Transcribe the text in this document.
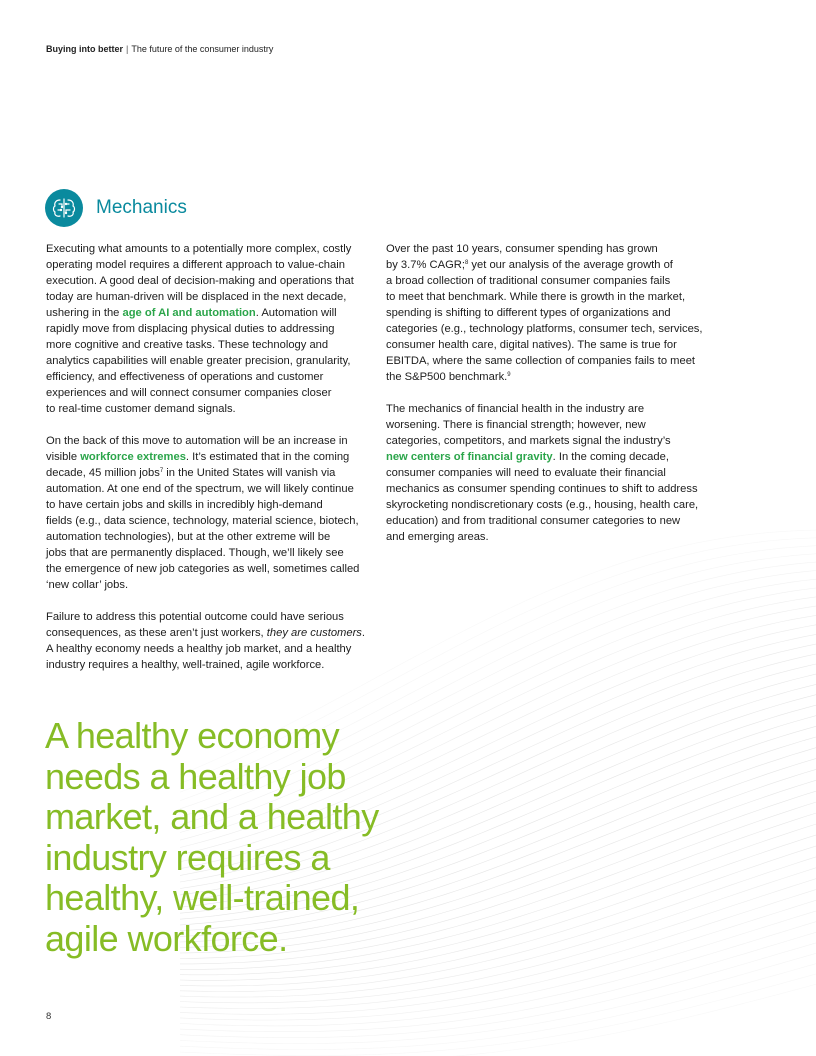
Buying into better | The future of the consumer industry
Mechanics

Executing what amounts to a potentially more complex, costly
operating model requires a different approach to value-chain
execution. A good deal of decision-making and operations that
today are human-driven will be displaced in the next decade,
ushering in the age of AI and automation. Automation will
rapidly move from displacing physical duties to addressing
more cognitive and creative tasks. These technology and
analytics capabilities will enable greater precision, granularity,
efficiency, and effectiveness of operations and customer
experiences and will connect consumer companies closer
to real-time customer demand signals.

On the back of this move to automation will be an increase in
visible workforce extremes. It’s estimated that in the coming
decade, 45 million jobs$^7$ in the United States will vanish via
automation. At one end of the spectrum, we will likely continue
to have certain jobs and skills in incredibly high-demand
fields (e.g., data science, technology, material science, biotech,
automation technologies), but at the other extreme will be
jobs that are permanently displaced. Though, we’ll likely see
the emergence of new job categories as well, sometimes called
‘new collar’ jobs.

Failure to address this potential outcome could have serious
consequences, as these aren’t just workers, they are customers.
A healthy economy needs a healthy job market, and a healthy
industry requires a healthy, well-trained, agile workforce.

Over the past 10 years, consumer spending has grown
by 3.7% CAGR;$^8$ yet our analysis of the average growth of
a broad collection of traditional consumer companies fails
to meet that benchmark. While there is growth in the market,
spending is shifting to different types of organizations and
categories (e.g., technology platforms, consumer tech, services,
consumer health care, digital natives). The same is true for
EBITDA, where the same collection of companies fails to meet
the S&P500 benchmark.$^9$

The mechanics of financial health in the industry are
worsening. There is financial strength; however, new
categories, competitors, and markets signal the industry’s
new centers of financial gravity. In the coming decade,
consumer companies will need to evaluate their financial
mechanics as consumer spending continues to shift to address
skyrocketing nondiscretionary costs (e.g., housing, health care,
education) and from traditional consumer categories to new
and emerging areas.

A healthy economy
needs a healthy job
market, and a healthy
industry requires a
healthy, well-trained,
agile workforce.
8
